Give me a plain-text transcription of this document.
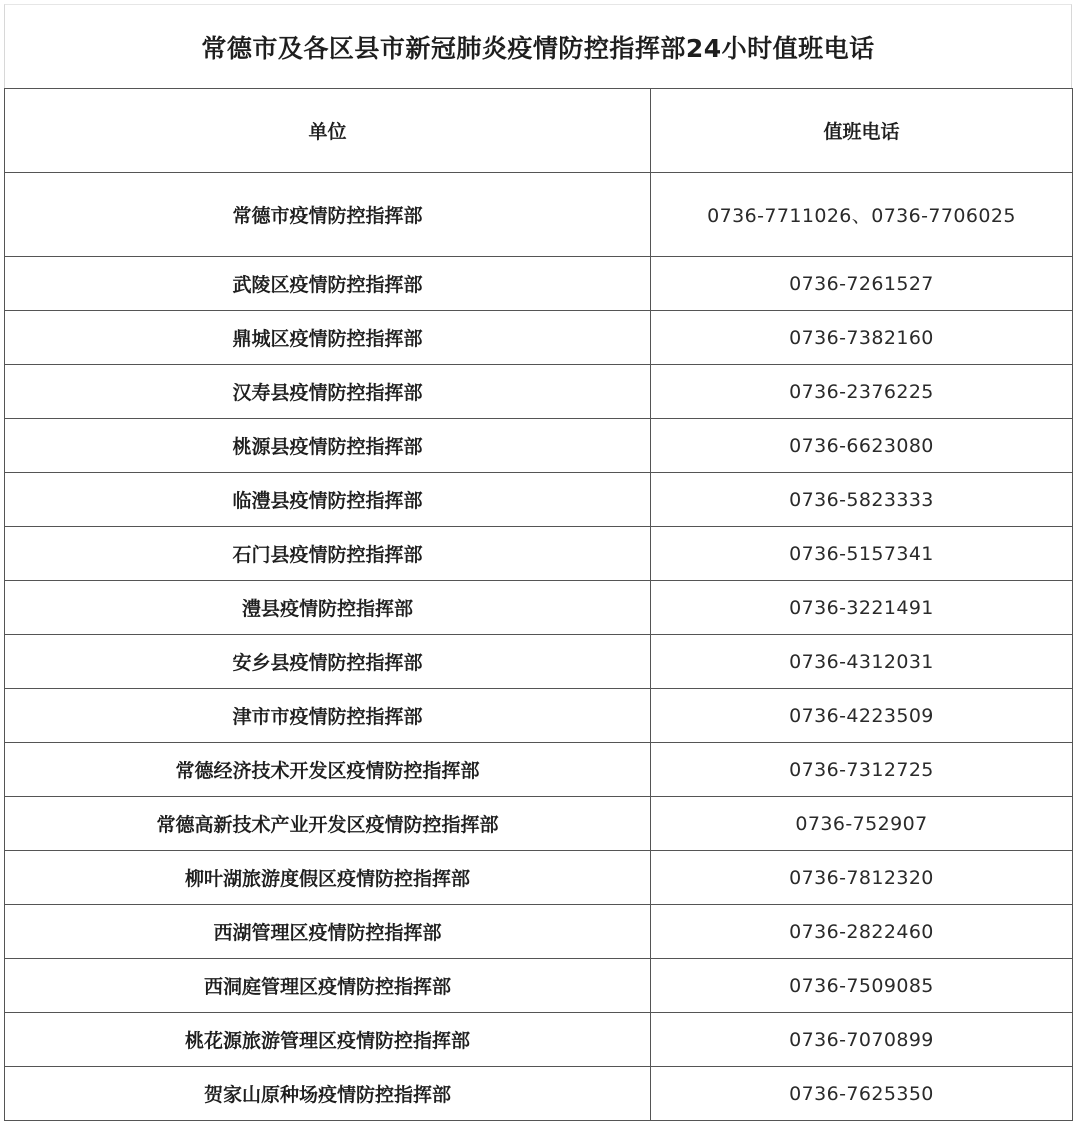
常德市及各区县市新冠肺炎疫情防控指挥部24小时值班电话
单位	值班电话
常德市疫情防控指挥部	0736-7711026、0736-7706025
武陵区疫情防控指挥部	0736-7261527
鼎城区疫情防控指挥部	0736-7382160
汉寿县疫情防控指挥部	0736-2376225
桃源县疫情防控指挥部	0736-6623080
临澧县疫情防控指挥部	0736-5823333
石门县疫情防控指挥部	0736-5157341
澧县疫情防控指挥部	0736-3221491
安乡县疫情防控指挥部	0736-4312031
津市市疫情防控指挥部	0736-4223509
常德经济技术开发区疫情防控指挥部	0736-7312725
常德高新技术产业开发区疫情防控指挥部	0736-752907
柳叶湖旅游度假区疫情防控指挥部	0736-7812320
西湖管理区疫情防控指挥部	0736-2822460
西洞庭管理区疫情防控指挥部	0736-7509085
桃花源旅游管理区疫情防控指挥部	0736-7070899
贺家山原种场疫情防控指挥部	0736-7625350
